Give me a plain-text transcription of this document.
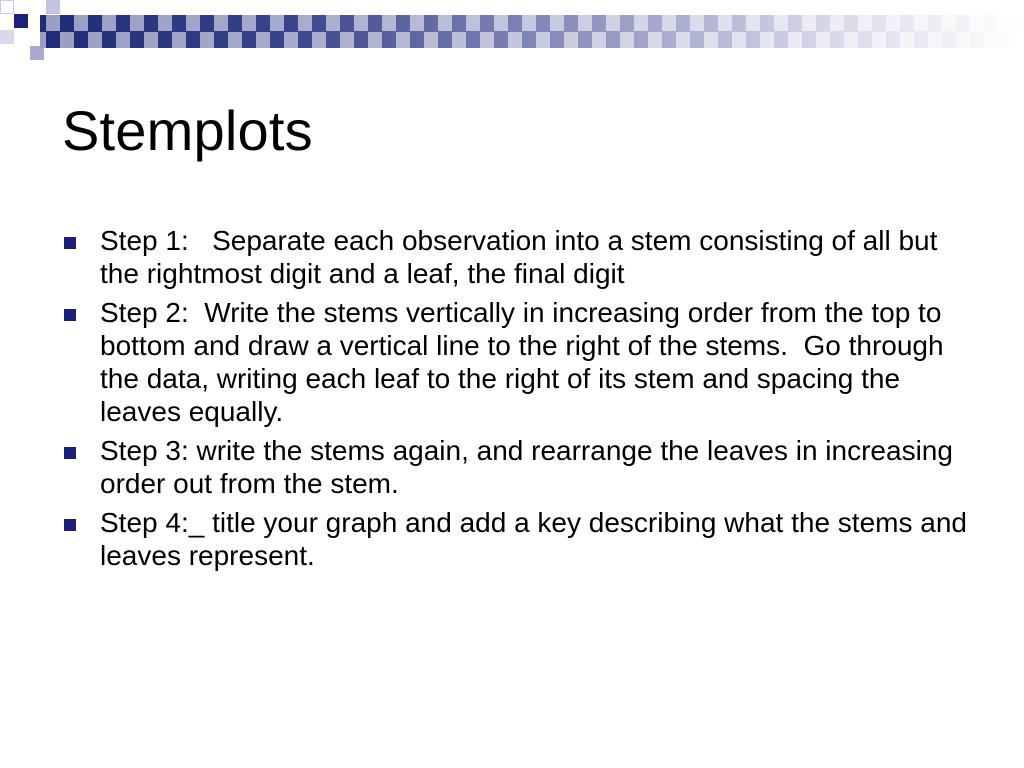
Stemplots
Step 1:   Separate each observation into a stem consisting of all but the rightmost digit and a leaf, the final digit
Step 2:  Write the stems vertically in increasing order from the top to bottom and draw a vertical line to the right of the stems.  Go through the data, writing each leaf to the right of its stem and spacing the leaves equally.
Step 3: write the stems again, and rearrange the leaves in increasing order out from the stem.
Step 4:_ title your graph and add a key describing what the stems and leaves represent.
